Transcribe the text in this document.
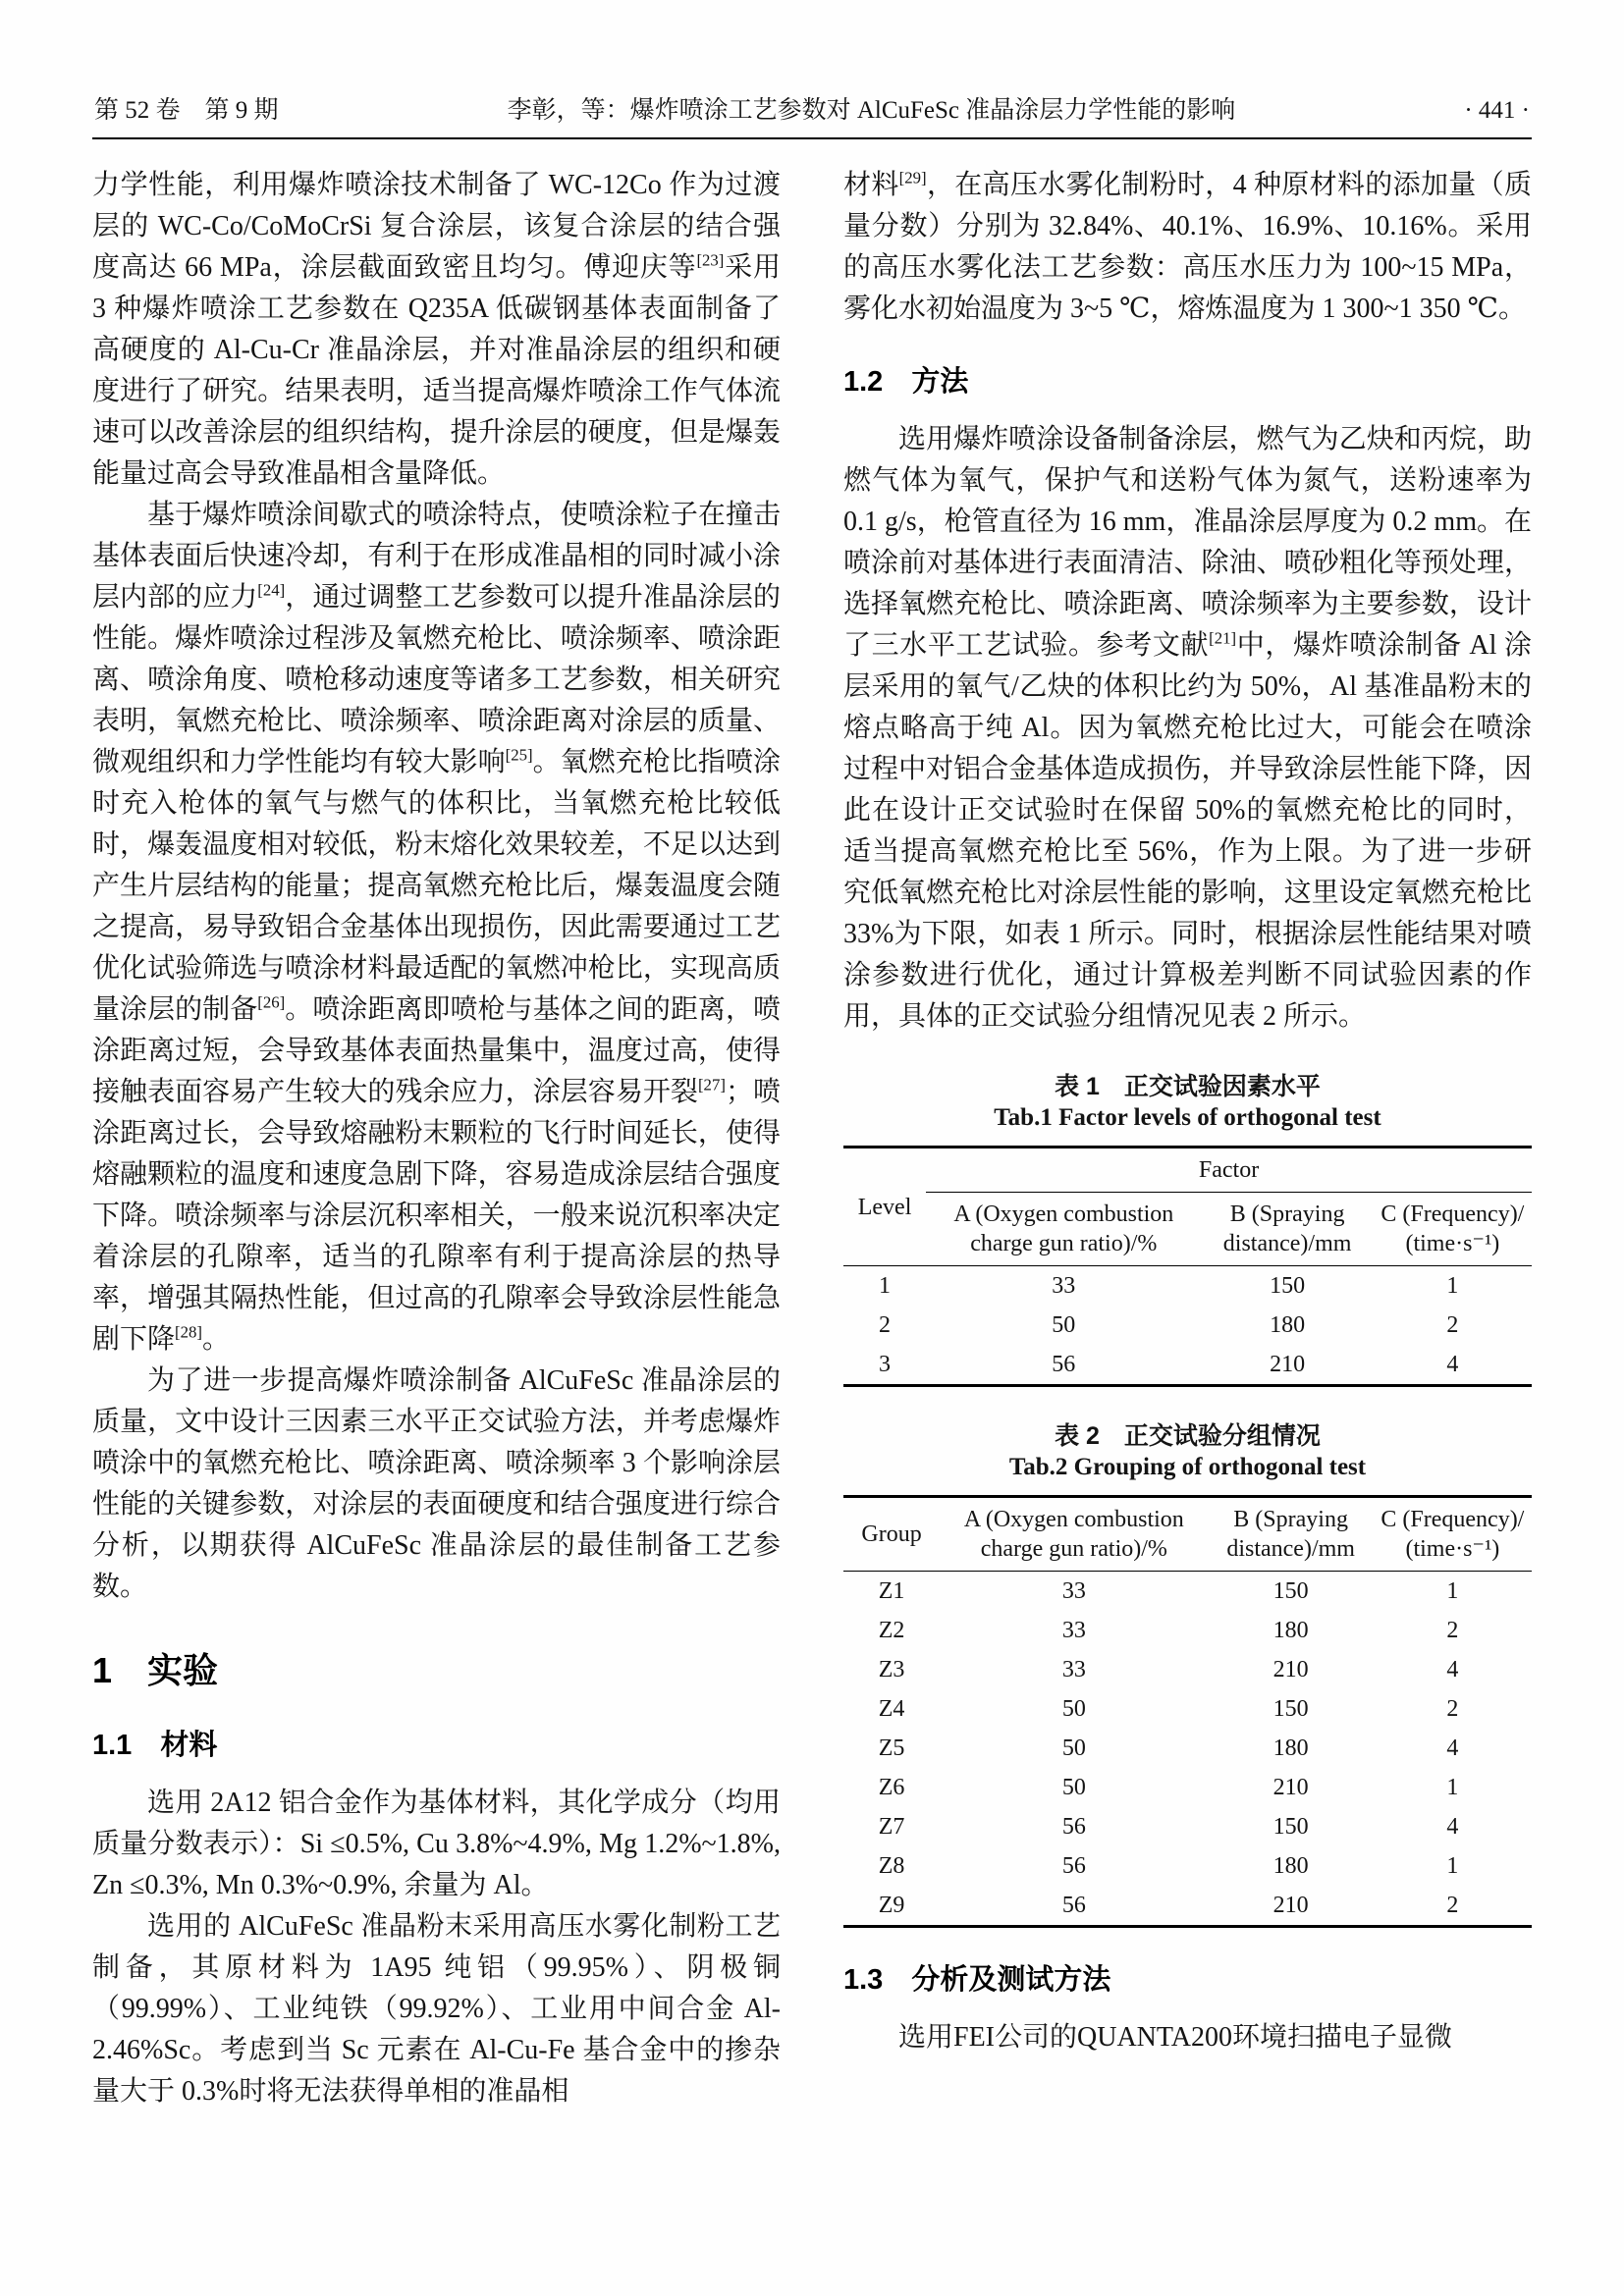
第 52 卷　第 9 期	李彰，等：爆炸喷涂工艺参数对 AlCuFeSc 准晶涂层力学性能的影响	· 441 ·

力学性能，利用爆炸喷涂技术制备了 WC-12Co 作为过渡层的 WC-Co/CoMoCrSi 复合涂层，该复合涂层的结合强度高达 66 MPa，涂层截面致密且均匀。傅迎庆等[23]采用 3 种爆炸喷涂工艺参数在 Q235A 低碳钢基体表面制备了高硬度的 Al-Cu-Cr 准晶涂层，并对准晶涂层的组织和硬度进行了研究。结果表明，适当提高爆炸喷涂工作气体流速可以改善涂层的组织结构，提升涂层的硬度，但是爆轰能量过高会导致准晶相含量降低。

基于爆炸喷涂间歇式的喷涂特点，使喷涂粒子在撞击基体表面后快速冷却，有利于在形成准晶相的同时减小涂层内部的应力[24]，通过调整工艺参数可以提升准晶涂层的性能。爆炸喷涂过程涉及氧燃充枪比、喷涂频率、喷涂距离、喷涂角度、喷枪移动速度等诸多工艺参数，相关研究表明，氧燃充枪比、喷涂频率、喷涂距离对涂层的质量、微观组织和力学性能均有较大影响[25]。氧燃充枪比指喷涂时充入枪体的氧气与燃气的体积比，当氧燃充枪比较低时，爆轰温度相对较低，粉末熔化效果较差，不足以达到产生片层结构的能量；提高氧燃充枪比后，爆轰温度会随之提高，易导致铝合金基体出现损伤，因此需要通过工艺优化试验筛选与喷涂材料最适配的氧燃冲枪比，实现高质量涂层的制备[26]。喷涂距离即喷枪与基体之间的距离，喷涂距离过短，会导致基体表面热量集中，温度过高，使得接触表面容易产生较大的残余应力，涂层容易开裂[27]；喷涂距离过长，会导致熔融粉末颗粒的飞行时间延长，使得熔融颗粒的温度和速度急剧下降，容易造成涂层结合强度下降。喷涂频率与涂层沉积率相关，一般来说沉积率决定着涂层的孔隙率，适当的孔隙率有利于提高涂层的热导率，增强其隔热性能，但过高的孔隙率会导致涂层性能急剧下降[28]。

为了进一步提高爆炸喷涂制备 AlCuFeSc 准晶涂层的质量，文中设计三因素三水平正交试验方法，并考虑爆炸喷涂中的氧燃充枪比、喷涂距离、喷涂频率 3 个影响涂层性能的关键参数，对涂层的表面硬度和结合强度进行综合分析，以期获得 AlCuFeSc 准晶涂层的最佳制备工艺参数。

1　实验
1.1　材料

选用 2A12 铝合金作为基体材料，其化学成分（均用质量分数表示）：Si ≤0.5%, Cu 3.8%~4.9%, Mg 1.2%~1.8%, Zn ≤0.3%, Mn 0.3%~0.9%, 余量为 Al。

选用的 AlCuFeSc 准晶粉末采用高压水雾化制粉工艺制备，其原材料为 1A95 纯铝（99.95%）、阴极铜（99.99%）、工业纯铁（99.92%）、工业用中间合金 Al-2.46%Sc。考虑到当 Sc 元素在 Al-Cu-Fe 基合金中的掺杂量大于 0.3%时将无法获得单相的准晶相

材料[29]，在高压水雾化制粉时，4 种原材料的添加量（质量分数）分别为 32.84%、40.1%、16.9%、10.16%。采用的高压水雾化法工艺参数：高压水压力为 100~15 MPa，雾化水初始温度为 3~5 ℃，熔炼温度为 1 300~1 350 ℃。

1.2　方法

选用爆炸喷涂设备制备涂层，燃气为乙炔和丙烷，助燃气体为氧气，保护气和送粉气体为氮气，送粉速率为 0.1 g/s，枪管直径为 16 mm，准晶涂层厚度为 0.2 mm。在喷涂前对基体进行表面清洁、除油、喷砂粗化等预处理，选择氧燃充枪比、喷涂距离、喷涂频率为主要参数，设计了三水平工艺试验。参考文献[21]中，爆炸喷涂制备 Al 涂层采用的氧气/乙炔的体积比约为 50%，Al 基准晶粉末的熔点略高于纯 Al。因为氧燃充枪比过大，可能会在喷涂过程中对铝合金基体造成损伤，并导致涂层性能下降，因此在设计正交试验时在保留 50%的氧燃充枪比的同时，适当提高氧燃充枪比至 56%，作为上限。为了进一步研究低氧燃充枪比对涂层性能的影响，这里设定氧燃充枪比 33%为下限，如表 1 所示。同时，根据涂层性能结果对喷涂参数进行优化，通过计算极差判断不同试验因素的作用，具体的正交试验分组情况见表 2 所示。

表 1　正交试验因素水平
Tab.1 Factor levels of orthogonal test
Level	Factor		
	A (Oxygen combustion charge gun ratio)/%	B (Spraying distance)/mm	C (Frequency)/ (time·s⁻¹)
1	33	150	1
2	50	180	2
3	56	210	4
表 2　正交试验分组情况
Tab.2 Grouping of orthogonal test
Group	A (Oxygen combustion charge gun ratio)/%	B (Spraying distance)/mm	C (Frequency)/ (time·s⁻¹)
Z1	33	150	1
Z2	33	180	2
Z3	33	210	4
Z4	50	150	2
Z5	50	180	4
Z6	50	210	1
Z7	56	150	4
Z8	56	180	1
Z9	56	210	2
1.3　分析及测试方法

选用FEI公司的QUANTA200环境扫描电子显微
